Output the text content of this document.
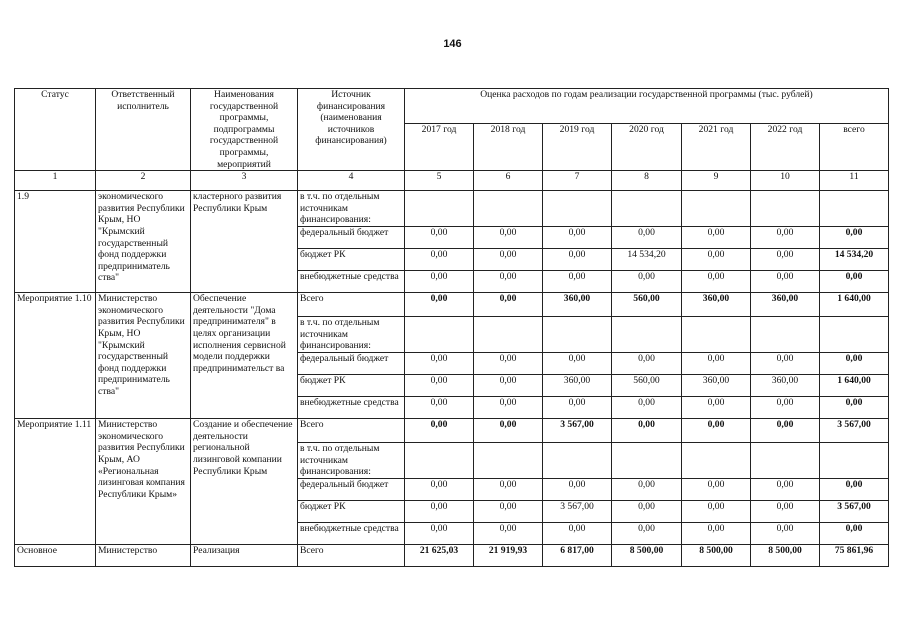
146
Статус	Ответственный исполнитель	Наименования государственной программы, подпрограммы государственной программы, мероприятий	Источник финансирования (наименования источников финансирования)	Оценка расходов по годам реализации государственной программы (тыс. рублей)						
				2017 год	2018 год	2019 год	2020 год	2021 год	2022 год	всего
1	2	3	4	5	6	7	8	9	10	11
1.9	экономического развития Республики Крым, НО "Крымский государственный фонд поддержки предприниматель ства"	кластерного развития Республики Крым	в т.ч. по отдельным источникам финансирования:							
			федеральный бюджет	0,00	0,00	0,00	0,00	0,00	0,00	0,00
			бюджет РК	0,00	0,00	0,00	14 534,20	0,00	0,00	14 534,20
			внебюджетные средства	0,00	0,00	0,00	0,00	0,00	0,00	0,00
Мероприятие 1.10	Министерство экономического развития Республики Крым, НО "Крымский государственный фонд поддержки предприниматель ства"	Обеспечение деятельности "Дома предпринимателя" в целях организации исполнения сервисной модели поддержки предпринимательст ва	Всего	0,00	0,00	360,00	560,00	360,00	360,00	1 640,00
			в т.ч. по отдельным источникам финансирования:							
			федеральный бюджет	0,00	0,00	0,00	0,00	0,00	0,00	0,00
			бюджет РК	0,00	0,00	360,00	560,00	360,00	360,00	1 640,00
			внебюджетные средства	0,00	0,00	0,00	0,00	0,00	0,00	0,00
Мероприятие 1.11	Министерство экономического развития Республики Крым, АО «Региональная лизинговая компания Республики Крым»	Создание и обеспечение деятельности региональной лизинговой компании Республики Крым	Всего	0,00	0,00	3 567,00	0,00	0,00	0,00	3 567,00
			в т.ч. по отдельным источникам финансирования:							
			федеральный бюджет	0,00	0,00	0,00	0,00	0,00	0,00	0,00
			бюджет РК	0,00	0,00	3 567,00	0,00	0,00	0,00	3 567,00
			внебюджетные средства	0,00	0,00	0,00	0,00	0,00	0,00	0,00
Основное	Министерство	Реализация	Всего	21 625,03	21 919,93	6 817,00	8 500,00	8 500,00	8 500,00	75 861,96
